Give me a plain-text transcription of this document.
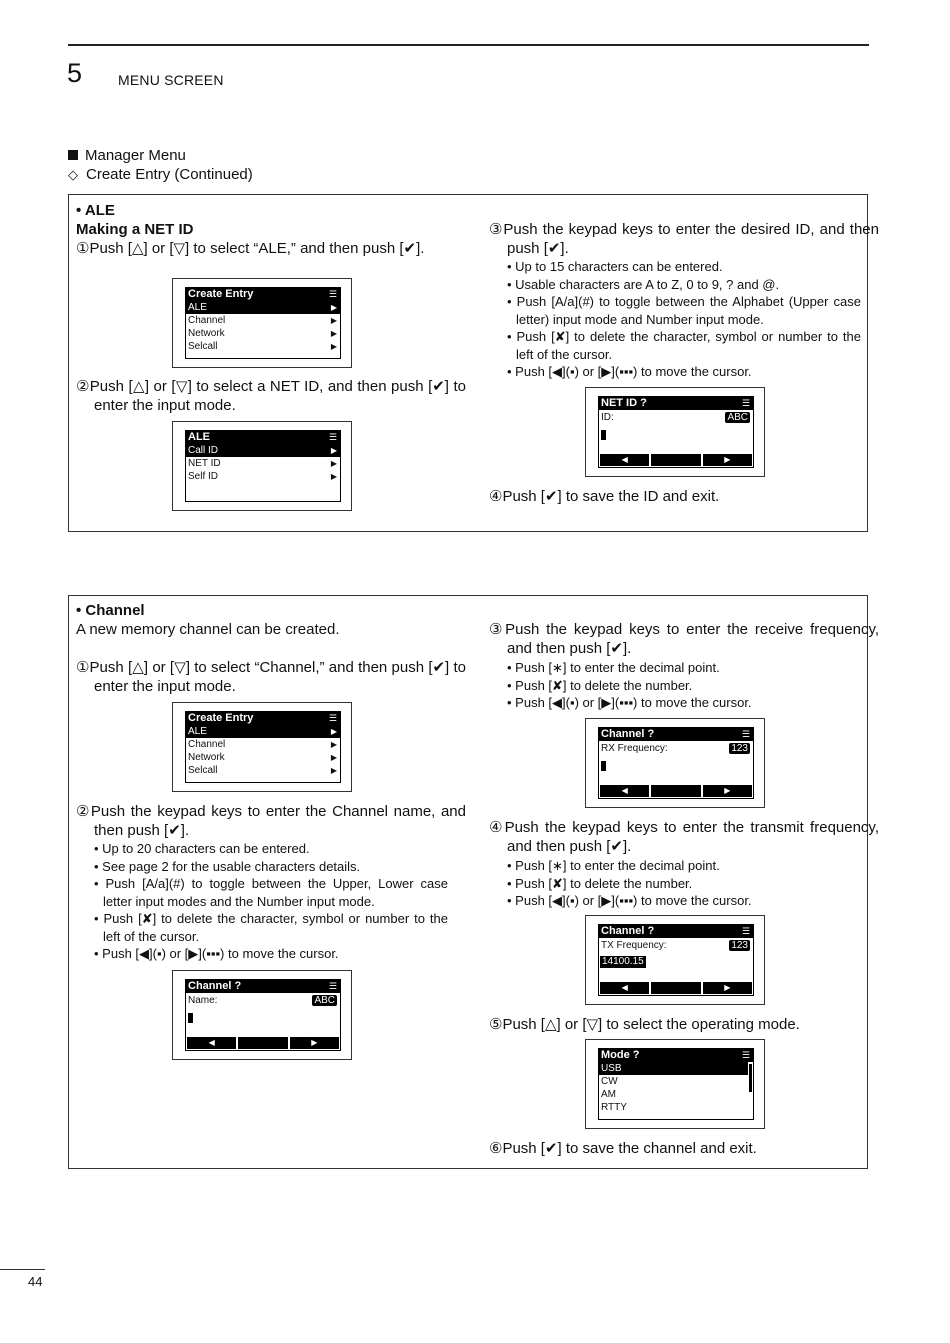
5	MENU SCREEN
Manager Menu
◇ Create Entry (Continued)
• ALE
Making a NET ID
①Push [△] or [▽] to select “ALE,” and then push [✔].
Create Entry	☰
ALE	▶
Channel	▶
Network	▶
Selcall	▶
②Push [△] or [▽] to select a NET ID, and then push [✔] to enter the input mode.
ALE	☰
Call ID	▶
NET ID	▶
Self ID	▶
③Push the keypad keys to enter the desired ID, and then push [✔].
• Up to 15 characters can be entered.
• Usable characters are A to Z, 0 to 9, ? and @.
• Push [A/a](#) to toggle between the Alphabet (Upper case letter) input mode and Number input mode.
• Push [✘] to delete the character, symbol or number to the left of the cursor.
• Push [◀](▪) or [▶](▪▪▪) to move the cursor.
NET ID ?	☰
ID:	ABC
◀	▶
④Push [✔] to save the ID and exit.
• Channel
A new memory channel can be created.
①Push [△] or [▽] to select “Channel,” and then push [✔] to enter the input mode.
Create Entry	☰
ALE	▶
Channel	▶
Network	▶
Selcall	▶
②Push the keypad keys to enter the Channel name, and then push [✔].
• Up to 20 characters can be entered.
• See page 2 for the usable characters details.
• Push [A/a](#) to toggle between the Upper, Lower case letter input modes and the Number input mode.
• Push [✘] to delete the character, symbol or number to the left of the cursor.
• Push [◀](▪) or [▶](▪▪▪) to move the cursor.
Channel ?	☰
Name:	ABC
◀	▶
③Push the keypad keys to enter the receive frequency, and then push [✔].
• Push [∗] to enter the decimal point.
• Push [✘] to delete the number.
• Push [◀](▪) or [▶](▪▪▪) to move the cursor.
Channel ?	☰
RX Frequency:	123
◀	▶
④Push the keypad keys to enter the transmit frequency, and then push [✔].
• Push [∗] to enter the decimal point.
• Push [✘] to delete the number.
• Push [◀](▪) or [▶](▪▪▪) to move the cursor.
Channel ?	☰
TX Frequency:	123
14100.15
◀	▶
⑤Push [△] or [▽] to select the operating mode.
Mode ?	☰
USB
CW
AM
RTTY
⑥Push [✔] to save the channel and exit.
44
